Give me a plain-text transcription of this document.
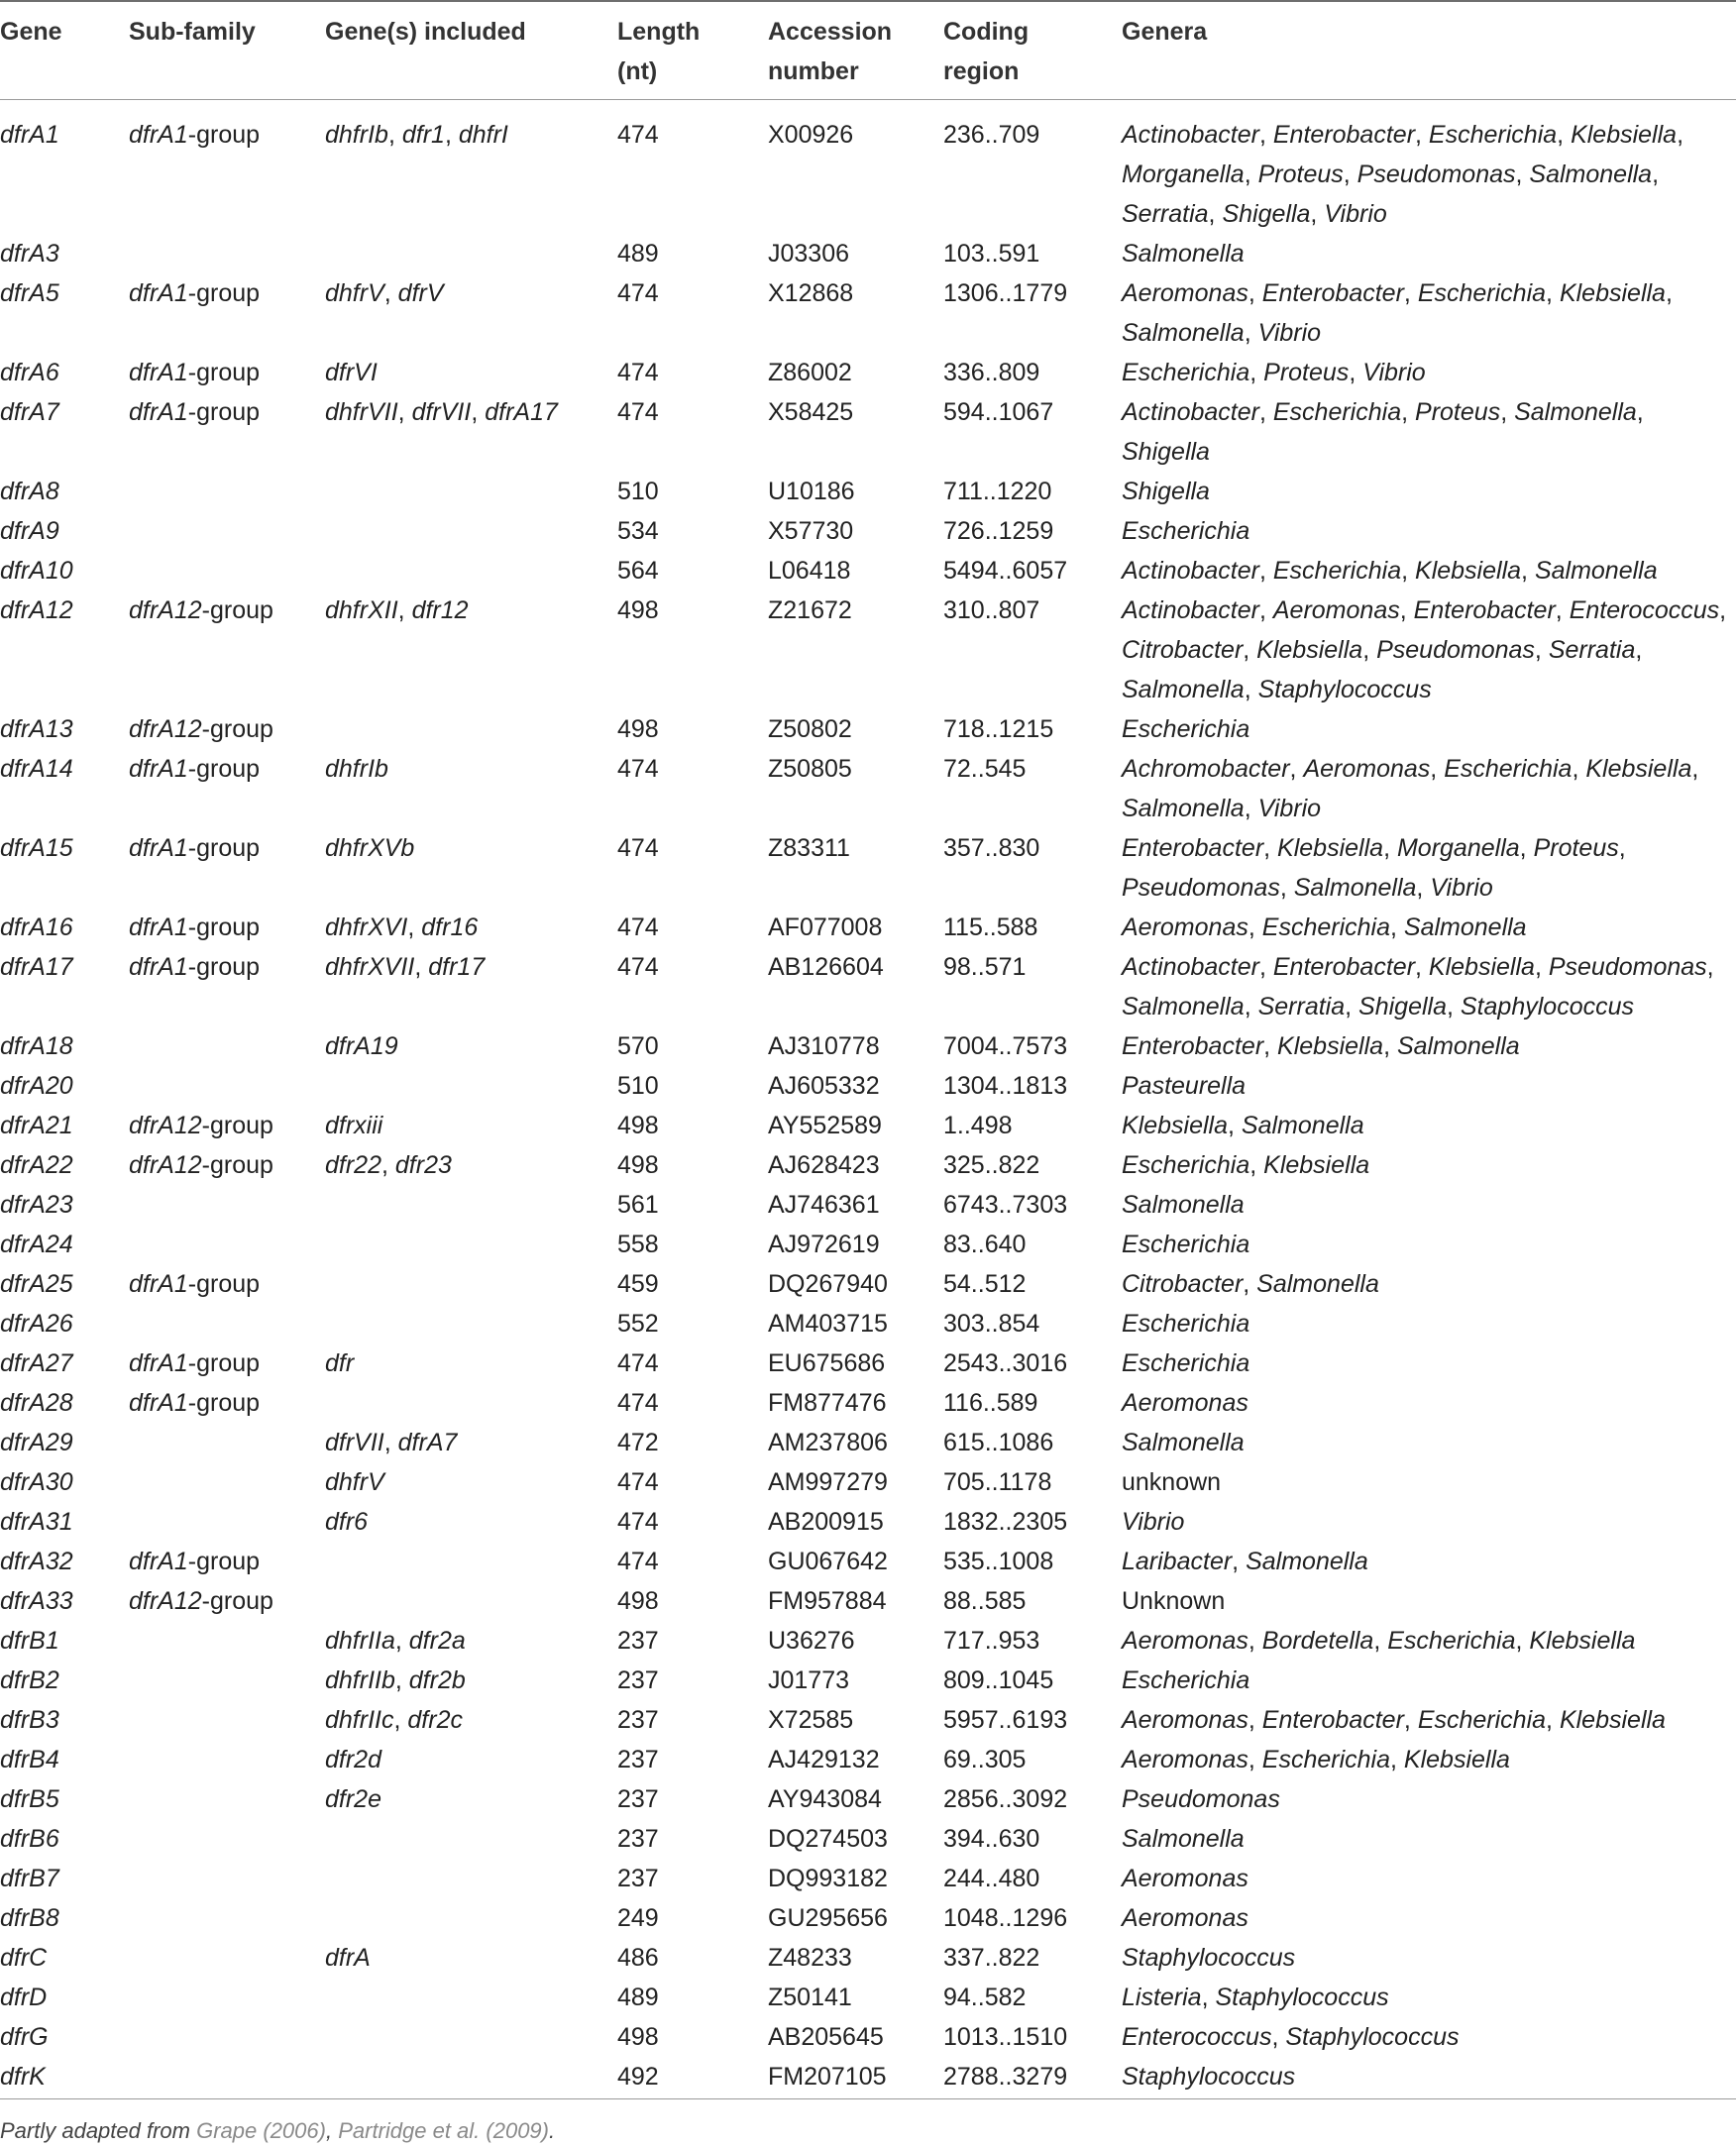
Gene	Sub-family	Gene(s) included	Length (nt)	Accession number	Coding region	Genera
dfrA1	dfrA1-group	dhfrIb, dfr1, dhfrI	474	X00926	236..709	Actinobacter, Enterobacter, Escherichia, Klebsiella, Morganella, Proteus, Pseudomonas, Salmonella, Serratia, Shigella, Vibrio
dfrA3			489	J03306	103..591	Salmonella
dfrA5	dfrA1-group	dhfrV, dfrV	474	X12868	1306..1779	Aeromonas, Enterobacter, Escherichia, Klebsiella, Salmonella, Vibrio
dfrA6	dfrA1-group	dfrVI	474	Z86002	336..809	Escherichia, Proteus, Vibrio
dfrA7	dfrA1-group	dhfrVII, dfrVII, dfrA17	474	X58425	594..1067	Actinobacter, Escherichia, Proteus, Salmonella, Shigella
dfrA8			510	U10186	711..1220	Shigella
dfrA9			534	X57730	726..1259	Escherichia
dfrA10			564	L06418	5494..6057	Actinobacter, Escherichia, Klebsiella, Salmonella
dfrA12	dfrA12-group	dhfrXII, dfr12	498	Z21672	310..807	Actinobacter, Aeromonas, Enterobacter, Enterococcus, Citrobacter, Klebsiella, Pseudomonas, Serratia, Salmonella, Staphylococcus
dfrA13	dfrA12-group		498	Z50802	718..1215	Escherichia
dfrA14	dfrA1-group	dhfrIb	474	Z50805	72..545	Achromobacter, Aeromonas, Escherichia, Klebsiella, Salmonella, Vibrio
dfrA15	dfrA1-group	dhfrXVb	474	Z83311	357..830	Enterobacter, Klebsiella, Morganella, Proteus, Pseudomonas, Salmonella, Vibrio
dfrA16	dfrA1-group	dhfrXVI, dfr16	474	AF077008	115..588	Aeromonas, Escherichia, Salmonella
dfrA17	dfrA1-group	dhfrXVII, dfr17	474	AB126604	98..571	Actinobacter, Enterobacter, Klebsiella, Pseudomonas, Salmonella, Serratia, Shigella, Staphylococcus
dfrA18		dfrA19	570	AJ310778	7004..7573	Enterobacter, Klebsiella, Salmonella
dfrA20			510	AJ605332	1304..1813	Pasteurella
dfrA21	dfrA12-group	dfrxiii	498	AY552589	1..498	Klebsiella, Salmonella
dfrA22	dfrA12-group	dfr22, dfr23	498	AJ628423	325..822	Escherichia, Klebsiella
dfrA23			561	AJ746361	6743..7303	Salmonella
dfrA24			558	AJ972619	83..640	Escherichia
dfrA25	dfrA1-group		459	DQ267940	54..512	Citrobacter, Salmonella
dfrA26			552	AM403715	303..854	Escherichia
dfrA27	dfrA1-group	dfr	474	EU675686	2543..3016	Escherichia
dfrA28	dfrA1-group		474	FM877476	116..589	Aeromonas
dfrA29		dfrVII, dfrA7	472	AM237806	615..1086	Salmonella
dfrA30		dhfrV	474	AM997279	705..1178	unknown
dfrA31		dfr6	474	AB200915	1832..2305	Vibrio
dfrA32	dfrA1-group		474	GU067642	535..1008	Laribacter, Salmonella
dfrA33	dfrA12-group		498	FM957884	88..585	Unknown
dfrB1		dhfrIIa, dfr2a	237	U36276	717..953	Aeromonas, Bordetella, Escherichia, Klebsiella
dfrB2		dhfrIIb, dfr2b	237	J01773	809..1045	Escherichia
dfrB3		dhfrIIc, dfr2c	237	X72585	5957..6193	Aeromonas, Enterobacter, Escherichia, Klebsiella
dfrB4		dfr2d	237	AJ429132	69..305	Aeromonas, Escherichia, Klebsiella
dfrB5		dfr2e	237	AY943084	2856..3092	Pseudomonas
dfrB6			237	DQ274503	394..630	Salmonella
dfrB7			237	DQ993182	244..480	Aeromonas
dfrB8			249	GU295656	1048..1296	Aeromonas
dfrC		dfrA	486	Z48233	337..822	Staphylococcus
dfrD			489	Z50141	94..582	Listeria, Staphylococcus
dfrG			498	AB205645	1013..1510	Enterococcus, Staphylococcus
dfrK			492	FM207105	2788..3279	Staphylococcus
Partly adapted from Grape (2006), Partridge et al. (2009).
